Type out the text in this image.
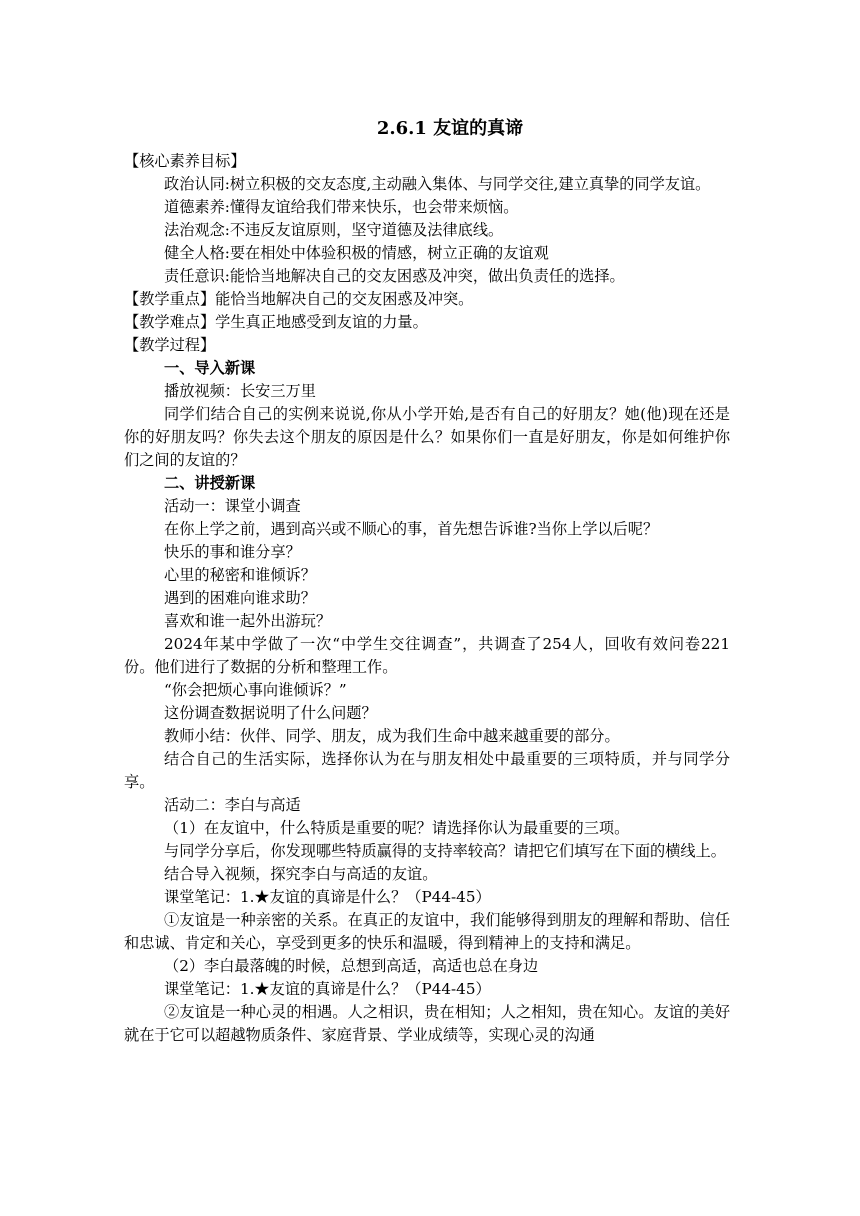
2.6.1 友谊的真谛

【核心素养目标】

政治认同:树立积极的交友态度,主动融入集体、与同学交往,建立真挚的同学友谊。

道德素养:懂得友谊给我们带来快乐，也会带来烦恼。

法治观念:不违反友谊原则，坚守道德及法律底线。

健全人格:要在相处中体验积极的情感，树立正确的友谊观

责任意识:能恰当地解决自己的交友困惑及冲突，做出负责任的选择。

【教学重点】能恰当地解决自己的交友困惑及冲突。

【教学难点】学生真正地感受到友谊的力量。

【教学过程】

一、导入新课

播放视频：长安三万里

同学们结合自己的实例来说说,你从小学开始,是否有自己的好朋友？她(他)现在还是你的好朋友吗？你失去这个朋友的原因是什么？如果你们一直是好朋友，你是如何维护你们之间的友谊的？

二、讲授新课

活动一：课堂小调查

在你上学之前，遇到高兴或不顺心的事，首先想告诉谁?当你上学以后呢？

快乐的事和谁分享？

心里的秘密和谁倾诉？

遇到的困难向谁求助？

喜欢和谁一起外出游玩？

2024年某中学做了一次“中学生交往调查”，共调查了254人，回收有效问卷221份。他们进行了数据的分析和整理工作。

“你会把烦心事向谁倾诉？”

这份调查数据说明了什么问题？

教师小结：伙伴、同学、朋友，成为我们生命中越来越重要的部分。

结合自己的生活实际，选择你认为在与朋友相处中最重要的三项特质，并与同学分享。

活动二：李白与高适

（1）在友谊中，什么特质是重要的呢？请选择你认为最重要的三项。

与同学分享后，你发现哪些特质赢得的支持率较高？请把它们填写在下面的横线上。

结合导入视频，探究李白与高适的友谊。

课堂笔记：1.★友谊的真谛是什么？（P44-45）

①友谊是一种亲密的关系。在真正的友谊中，我们能够得到朋友的理解和帮助、信任和忠诚、肯定和关心，享受到更多的快乐和温暖，得到精神上的支持和满足。

（2）李白最落魄的时候，总想到高适，高适也总在身边

课堂笔记：1.★友谊的真谛是什么？（P44-45）

②友谊是一种心灵的相遇。人之相识，贵在相知；人之相知，贵在知心。友谊的美好就在于它可以超越物质条件、家庭背景、学业成绩等，实现心灵的沟通
